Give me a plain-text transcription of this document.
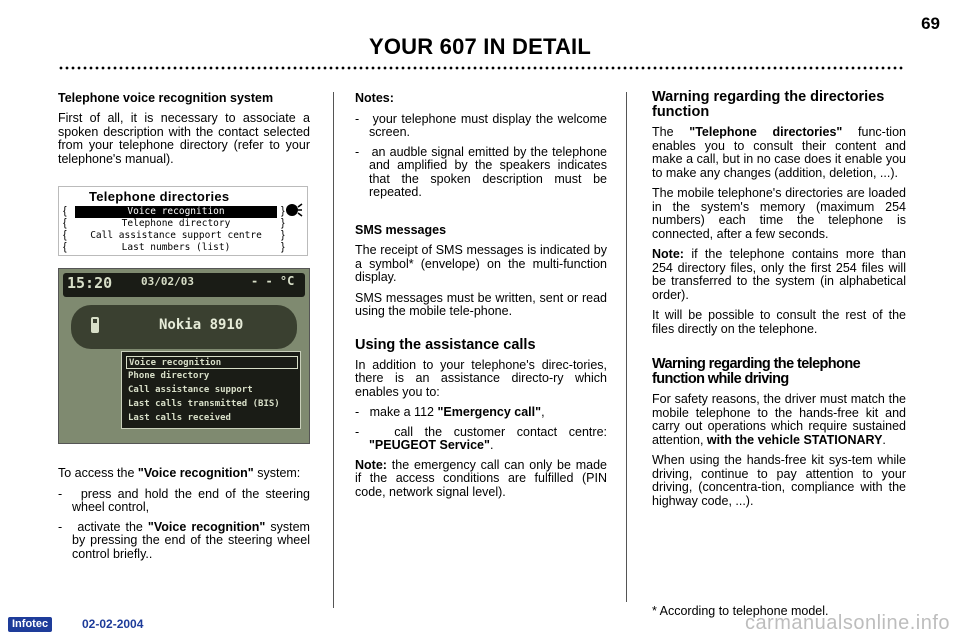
69
YOUR 607 IN DETAIL
Telephone voice recognition system

First of all, it is necessary to associate a spoken description with the contact selected from your telephone directory (refer to your telephone's manual).

Telephone directories
{
{
{
{
}
}
}
}
Voice recognition
Telephone directory
Call assistance support centre
Last numbers (list)
15:20	03/02/03	- - °C
Nokia 8910
Voice recognition
Phone directory
Call assistance support
Last calls transmitted (BIS)
Last calls received

To access the "Voice recognition" system:

-   press and hold the end of the steering wheel control,
-   activate the "Voice recognition" system by pressing the end of the steering wheel control briefly..
Notes:
-   your telephone must display the welcome screen.
-   an audble signal emitted by the telephone and amplified by the speakers indicates that the spoken description must be repeated.
SMS messages

The receipt of SMS messages is indicated by a symbol* (envelope) on the multi-function display.

SMS messages must be written, sent or read using the mobile tele-phone.

Using the assistance calls

In addition to your telephone's direc-tories, there is an assistance directo-ry which enables you to:

-   make a 112 "Emergency call",
-   call the customer contact centre: "PEUGEOT Service".

Note: the emergency call can only be made if the access conditions are fulfilled (PIN code, network signal level).

Warning regarding the directories function

The "Telephone directories" func-tion enables you to consult their content and make a call, but in no case does it enable you to make any changes (addition, deletion, ...).

The mobile telephone's directories are loaded in the system's memory (maximum 254 numbers) each time the telephone is connected, after a few seconds.

Note: if the telephone contains more than 254 directory files, only the first 254 files will be transferred to the system (in alphabetical order).

It will be possible to consult the rest of the files directly on the telephone.

Warning regarding the telephone function while driving

For safety reasons, the driver must match the mobile telephone to the hands-free kit and carry out operations which require sustained attention, with the vehicle STATIONARY.

When using the hands-free kit sys-tem while driving, continue to pay attention to your driving, (concentra-tion, compliance with the highway code, ...).

* According to telephone model.
Infotec	02-02-2004	carmanualsonline.info
